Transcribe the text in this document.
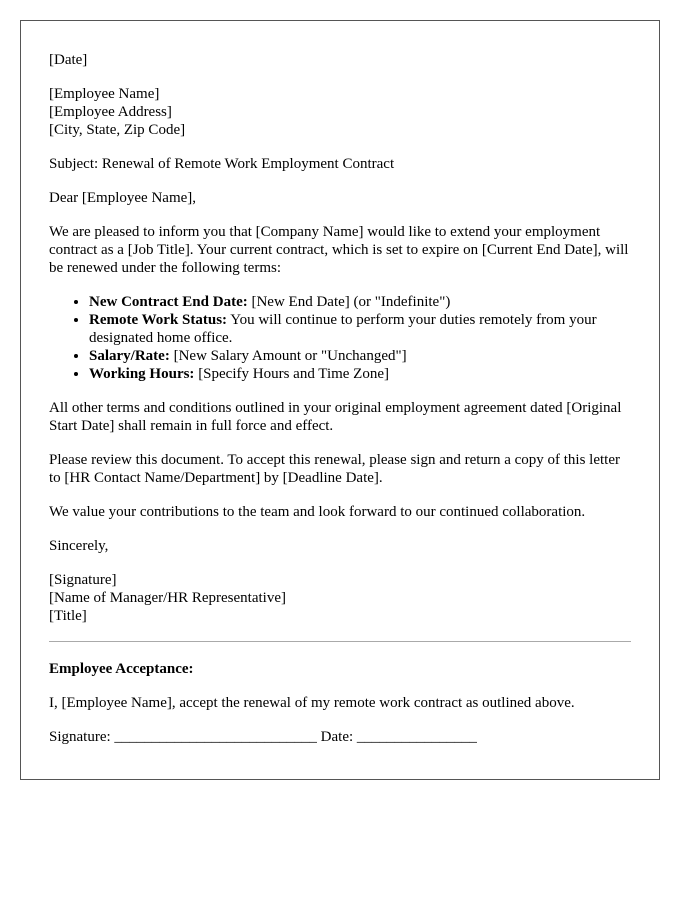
[Date]
[Employee Name]
[Employee Address]
[City, State, Zip Code]
Subject: Renewal of Remote Work Employment Contract
Dear [Employee Name],
We are pleased to inform you that [Company Name] would like to extend your employment contract as a [Job Title]. Your current contract, which is set to expire on [Current End Date], will be renewed under the following terms:
• New Contract End Date: [New End Date] (or "Indefinite")
• Remote Work Status: You will continue to perform your duties remotely from your designated home office.
• Salary/Rate: [New Salary Amount or "Unchanged"]
• Working Hours: [Specify Hours and Time Zone]
All other terms and conditions outlined in your original employment agreement dated [Original Start Date] shall remain in full force and effect.
Please review this document. To accept this renewal, please sign and return a copy of this letter to [HR Contact Name/Department] by [Deadline Date].
We value your contributions to the team and look forward to our continued collaboration.
Sincerely,
[Signature]
[Name of Manager/HR Representative]
[Title]
Employee Acceptance:
I, [Employee Name], accept the renewal of my remote work contract as outlined above.
Signature: ___________________________ Date: ________________
